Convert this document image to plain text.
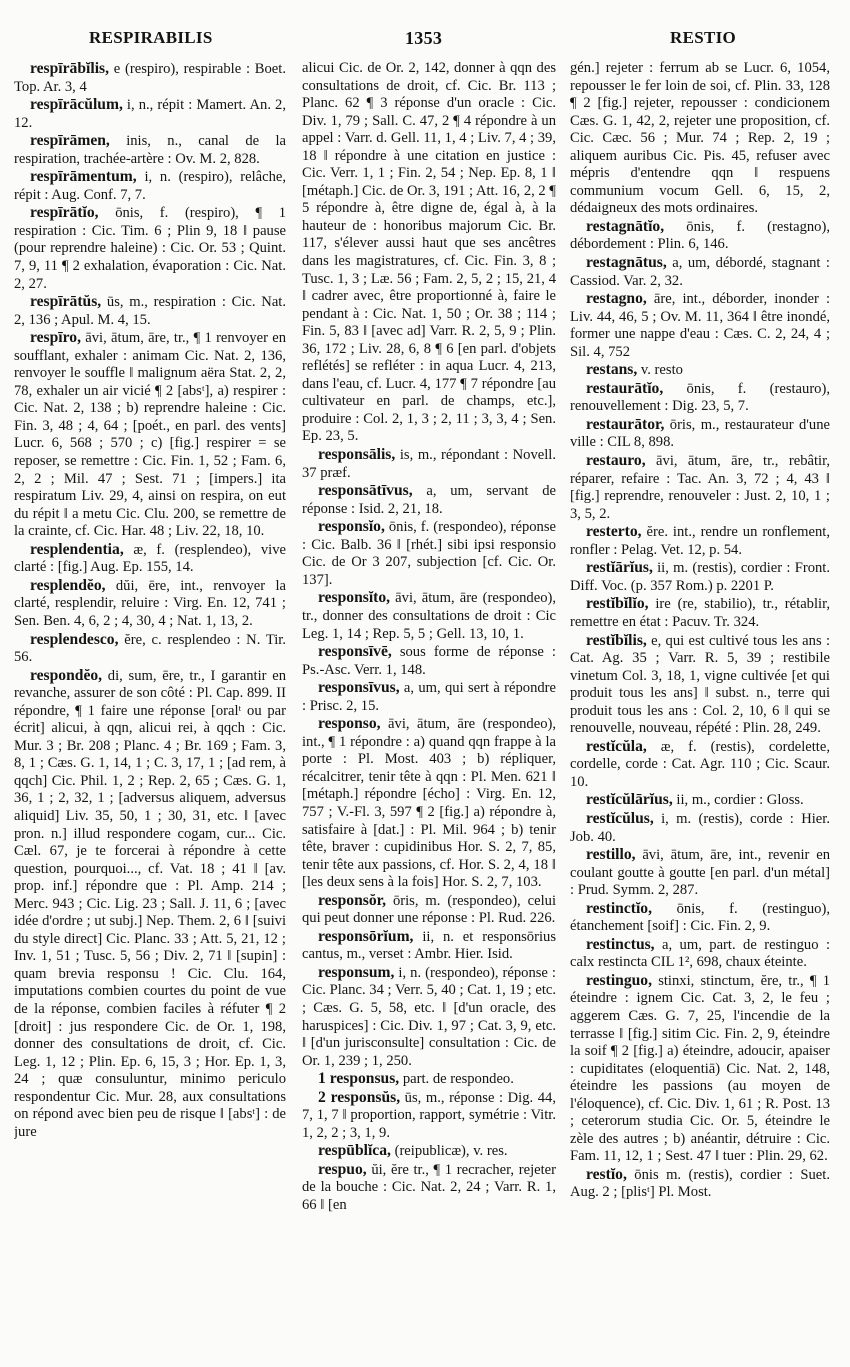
RESPIRABILIS	1353	RESTIO

respīrābĭlis, e (respiro), respirable : Boet. Top. Ar. 3, 4

respīrācŭlum, i, n., répit : Mamert. An. 2, 12.

respīrāmen, inis, n., canal de la respiration, trachée-artère : Ov. M. 2, 828.

respīrāmentum, i, n. (respiro), relâche, répit : Aug. Conf. 7, 7.

respīrātĭo, ōnis, f. (respiro), ¶ 1 respiration : Cic. Tim. 6 ; Plin 9, 18 ‖ pause (pour reprendre haleine) : Cic. Or. 53 ; Quint. 7, 9, 11 ¶ 2 exhalation, évaporation : Cic. Nat. 2, 27.

respīrātŭs, ūs, m., respiration : Cic. Nat. 2, 136 ; Apul. M. 4, 15.

respīro, āvi, ātum, āre, tr., ¶ 1 renvoyer en soufflant, exhaler : animam Cic. Nat. 2, 136, renvoyer le souffle ‖ malignum aëra Stat. 2, 2, 78, exhaler un air vicié ¶ 2 [absᵗ], a) respirer : Cic. Nat. 2, 138 ; b) reprendre haleine : Cic. Fin. 3, 48 ; 4, 64 ; [poét., en parl. des vents] Lucr. 6, 568 ; 570 ; c) [fig.] respirer = se reposer, se remettre : Cic. Fin. 1, 52 ; Fam. 6, 2, 2 ; Mil. 47 ; Sest. 71 ; [impers.] ita respiratum Liv. 29, 4, ainsi on respira, on eut du répit ‖ a metu Cic. Clu. 200, se remettre de la crainte, cf. Cic. Har. 48 ; Liv. 22, 18, 10.

resplendentia, æ, f. (resplendeo), vive clarté : [fig.] Aug. Ep. 155, 14.

resplendĕo, dŭi, ēre, int., renvoyer la clarté, resplendir, reluire : Virg. En. 12, 741 ; Sen. Ben. 4, 6, 2 ; 4, 30, 4 ; Nat. 1, 13, 2.

resplendesco, ĕre, c. resplendeo : N. Tir. 56.

respondĕo, di, sum, ēre, tr., I garantir en revanche, assurer de son côté : Pl. Cap. 899. II répondre, ¶ 1 faire une réponse [oralᵗ ou par écrit] alicui, à qqn, alicui rei, à qqch : Cic. Mur. 3 ; Br. 208 ; Planc. 4 ; Br. 169 ; Fam. 3, 8, 1 ; Cæs. G. 1, 14, 1 ; C. 3, 17, 1 ; [ad rem, à qqch] Cic. Phil. 1, 2 ; Rep. 2, 65 ; Cæs. G. 1, 36, 1 ; 2, 32, 1 ; [adversus aliquem, adversus aliquid] Liv. 35, 50, 1 ; 30, 31, etc. ‖ [avec pron. n.] illud respondere cogam, cur... Cic. Cæl. 67, je te forcerai à répondre à cette question, pourquoi..., cf. Vat. 18 ; 41 ‖ [av. prop. inf.] répondre que : Pl. Amp. 214 ; Merc. 943 ; Cic. Lig. 23 ; Sall. J. 11, 6 ; [avec idée d'ordre ; ut subj.] Nep. Them. 2, 6 ‖ [suivi du style direct] Cic. Planc. 33 ; Att. 5, 21, 12 ; Inv. 1, 51 ; Tusc. 5, 56 ; Div. 2, 71 ‖ [supin] : quam brevia responsu ! Cic. Clu. 164, imputations combien courtes du point de vue de la réponse, combien faciles à réfuter ¶ 2 [droit] : jus respondere Cic. de Or. 1, 198, donner des consultations de droit, cf. Cic. Leg. 1, 12 ; Plin. Ep. 6, 15, 3 ; Hor. Ep. 1, 3, 24 ; quæ consuluntur, minimo periculo respondentur Cic. Mur. 28, aux consultations on répond avec bien peu de risque ‖ [absᵗ] : de jure

alicui Cic. de Or. 2, 142, donner à qqn des consultations de droit, cf. Cic. Br. 113 ; Planc. 62 ¶ 3 réponse d'un oracle : Cic. Div. 1, 79 ; Sall. C. 47, 2 ¶ 4 répondre à un appel : Varr. d. Gell. 11, 1, 4 ; Liv. 7, 4 ; 39, 18 ‖ répondre à une citation en justice : Cic. Verr. 1, 1 ; Fin. 2, 54 ; Nep. Ep. 8, 1 ‖ [métaph.] Cic. de Or. 3, 191 ; Att. 16, 2, 2 ¶ 5 répondre à, être digne de, égal à, à la hauteur de : honoribus majorum Cic. Br. 117, s'élever aussi haut que ses ancêtres dans les magistratures, cf. Cic. Fin. 3, 8 ; Tusc. 1, 3 ; Læ. 56 ; Fam. 2, 5, 2 ; 15, 21, 4 ‖ cadrer avec, être proportionné à, faire le pendant à : Cic. Nat. 1, 50 ; Or. 38 ; 114 ; Fin. 5, 83 ‖ [avec ad] Varr. R. 2, 5, 9 ; Plin. 36, 172 ; Liv. 28, 6, 8 ¶ 6 [en parl. d'objets reflétés] se refléter : in aqua Lucr. 4, 213, dans l'eau, cf. Lucr. 4, 177 ¶ 7 répondre [au cultivateur en parl. de champs, etc.], produire : Col. 2, 1, 3 ; 2, 11 ; 3, 3, 4 ; Sen. Ep. 23, 5.

responsālis, is, m., répondant : Novell. 37 præf.

responsātīvus, a, um, servant de réponse : Isid. 2, 21, 18.

responsĭo, ōnis, f. (respondeo), réponse : Cic. Balb. 36 ‖ [rhét.] sibi ipsi responsio Cic. de Or 3 207, subjection [cf. Cic. Or. 137].

responsĭto, āvi, ātum, āre (respondeo), tr., donner des consultations de droit : Cic Leg. 1, 14 ; Rep. 5, 5 ; Gell. 13, 10, 1.

responsīvē, sous forme de réponse : Ps.-Asc. Verr. 1, 148.

responsīvus, a, um, qui sert à répondre : Prisc. 2, 15.

responso, āvi, ātum, āre (respondeo), int., ¶ 1 répondre : a) quand qqn frappe à la porte : Pl. Most. 403 ; b) répliquer, récalcitrer, tenir tête à qqn : Pl. Men. 621 ‖ [métaph.] répondre [écho] : Virg. En. 12, 757 ; V.-Fl. 3, 597 ¶ 2 [fig.] a) répondre à, satisfaire à [dat.] : Pl. Mil. 964 ; b) tenir tête, braver : cupidinibus Hor. S. 2, 7, 85, tenir tête aux passions, cf. Hor. S. 2, 4, 18 ‖ [les deux sens à la fois] Hor. S. 2, 7, 103.

responsŏr, ōris, m. (respondeo), celui qui peut donner une réponse : Pl. Rud. 226.

responsōrĭum, ii, n. et responsōrius cantus, m., verset : Ambr. Hier. Isid.

responsum, i, n. (respondeo), réponse : Cic. Planc. 34 ; Verr. 5, 40 ; Cat. 1, 19 ; etc. ; Cæs. G. 5, 58, etc. ‖ [d'un oracle, des haruspices] : Cic. Div. 1, 97 ; Cat. 3, 9, etc. ‖ [d'un jurisconsulte] consultation : Cic. de Or. 1, 239 ; 1, 250.

1 responsus, part. de respondeo.

2 responsŭs, ūs, m., réponse : Dig. 44, 7, 1, 7 ‖ proportion, rapport, symétrie : Vitr. 1, 2, 2 ; 3, 1, 9.

respūblĭca, (reipublicæ), v. res.

respuo, ŭi, ĕre tr., ¶ 1 recracher, rejeter de la bouche : Cic. Nat. 2, 24 ; Varr. R. 1, 66 ‖ [en

gén.] rejeter : ferrum ab se Lucr. 6, 1054, repousser le fer loin de soi, cf. Plin. 33, 128 ¶ 2 [fig.] rejeter, repousser : condicionem Cæs. G. 1, 42, 2, rejeter une proposition, cf. Cic. Cæc. 56 ; Mur. 74 ; Rep. 2, 19 ; aliquem auribus Cic. Pis. 45, refuser avec mépris d'entendre qqn ‖ respuens communium vocum Gell. 6, 15, 2, dédaigneux des mots ordinaires.

restagnātĭo, ōnis, f. (restagno), débordement : Plin. 6, 146.

restagnātus, a, um, débordé, stagnant : Cassiod. Var. 2, 32.

restagno, āre, int., déborder, inonder : Liv. 44, 46, 5 ; Ov. M. 11, 364 ‖ être inondé, former une nappe d'eau : Cæs. C. 2, 24, 4 ; Sil. 4, 752

restans, v. resto

restaurātĭo, ōnis, f. (restauro), renouvellement : Dig. 23, 5, 7.

restaurātor, ōris, m., restaurateur d'une ville : CIL 8, 898.

restauro, āvi, ātum, āre, tr., rebâtir, réparer, refaire : Tac. An. 3, 72 ; 4, 43 ‖ [fig.] reprendre, renouveler : Just. 2, 10, 1 ; 3, 5, 2.

resterto, ĕre. int., rendre un ronflement, ronfler : Pelag. Vet. 12, p. 54.

restĭārĭus, ii, m. (restis), cordier : Front. Diff. Voc. (p. 357 Rom.) p. 2201 P.

restĭbĭlĭo, ire (re, stabilio), tr., rétablir, remettre en état : Pacuv. Tr. 324.

restĭbĭlis, e, qui est cultivé tous les ans : Cat. Ag. 35 ; Varr. R. 5, 39 ; restibile vinetum Col. 3, 18, 1, vigne cultivée [et qui produit tous les ans] ‖ subst. n., terre qui produit tous les ans : Col. 2, 10, 6 ‖ qui se renouvelle, nouveau, répété : Plin. 28, 249.

restĭcŭla, æ, f. (restis), cordelette, cordelle, corde : Cat. Agr. 110 ; Cic. Scaur. 10.

restĭcŭlārĭus, ii, m., cordier : Gloss.

restĭcŭlus, i, m. (restis), corde : Hier. Job. 40.

restillo, āvi, ātum, āre, int., revenir en coulant goutte à goutte [en parl. d'un métal] : Prud. Symm. 2, 287.

restinctĭo, ōnis, f. (restinguo), étanchement [soif] : Cic. Fin. 2, 9.

restinctus, a, um, part. de restinguo : calx restincta CIL 1², 698, chaux éteinte.

restinguo, stinxi, stinctum, ĕre, tr., ¶ 1 éteindre : ignem Cic. Cat. 3, 2, le feu ; aggerem Cæs. G. 7, 25, l'incendie de la terrasse ‖ [fig.] sitim Cic. Fin. 2, 9, éteindre la soif ¶ 2 [fig.] a) éteindre, adoucir, apaiser : cupiditates (eloquentiā) Cic. Nat. 2, 148, éteindre les passions (au moyen de l'éloquence), cf. Cic. Div. 1, 61 ; R. Post. 13 ; ceterorum studia Cic. Or. 5, éteindre le zèle des autres ; b) anéantir, détruire : Cic. Fam. 11, 12, 1 ; Sest. 47 ‖ tuer : Plin. 29, 62.

restĭo, ōnis m. (restis), cordier : Suet. Aug. 2 ; [plisᵗ] Pl. Most.
